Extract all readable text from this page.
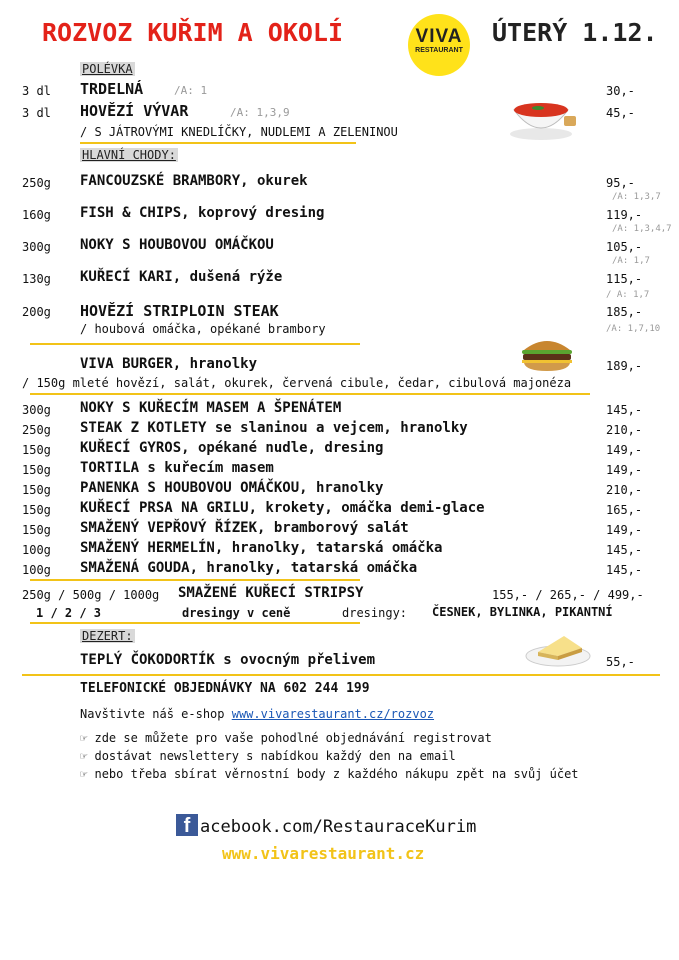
ROZVOZ KUŘIM A OKOLÍ	VIVA
RESTAURANT
ÚTERÝ 1.12.
POLÉVKA
3 dl TRDELNÁ	/A: 1	30,-
3 dl HOVĚZÍ VÝVAR	/A: 1,3,9	45,-
/ S JÁTROVÝMI KNEDLÍČKY, NUDLEMI A ZELENINOU
HLAVNÍ CHODY:
250g FANCOUZSKÉ BRAMBORY, okurek	95,-
/A: 1,3,7
160g FISH & CHIPS, koprový dresing	119,-
/A: 1,3,4,7
300g NOKY S HOUBOVOU OMÁČKOU	105,-
/A: 1,7
130g KUŘECÍ KARI, dušená rýže	115,-
/ A: 1,7
200g HOVĚZÍ STRIPLOIN STEAK	185,-
/ houbová omáčka, opékané brambory	/A: 1,7,10
VIVA BURGER, hranolky	189,-
/ 150g mleté hovězí, salát, okurek, červená cibule, čedar, cibulová majonéza
300g NOKY S KUŘECÍM MASEM A ŠPENÁTEM	145,-
250g STEAK Z KOTLETY se slaninou a vejcem, hranolky	210,-
150g KUŘECÍ GYROS, opékané nudle, dresing	149,-
150g TORTILA s kuřecím masem	149,-
150g PANENKA S HOUBOVOU OMÁČKOU, hranolky	210,-
150g KUŘECÍ PRSA NA GRILU, krokety, omáčka demi-glace	165,-
150g SMAŽENÝ VEPŘOVÝ ŘÍZEK, bramborový salát	149,-
100g SMAŽENÝ HERMELÍN, hranolky, tatarská omáčka	145,-
100g SMAŽENÁ GOUDA, hranolky, tatarská omáčka	145,-
250g / 500g / 1000g SMAŽENÉ KUŘECÍ STRIPSY	155,- / 265,- / 499,-
1 / 2 / 3	dresingy v ceně	dresingy: ČESNEK, BYLINKA, PIKANTNÍ
DEZERT:
TEPLÝ ČOKODORTÍK s ovocným přelivem	55,-
TELEFONICKÉ OBJEDNÁVKY NA 602 244 199
Navštivte náš e-shop www.vivarestaurant.cz/rozvoz
☞ zde se můžete pro vaše pohodlné objednávání registrovat
☞ dostávat newslettery s nabídkou každý den na email
☞ nebo třeba sbírat věrnostní body z každého nákupu zpět na svůj účet
f acebook.com/RestauraceKurim
www.vivarestaurant.cz
